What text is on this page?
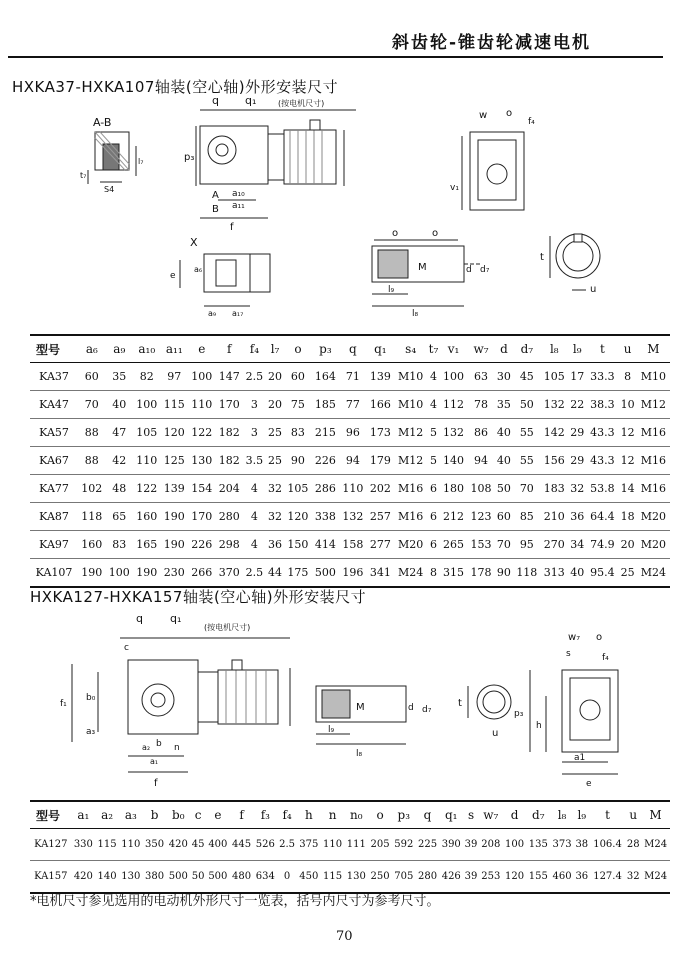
斜齿轮-锥齿轮减速电机
HXKA37-HXKA107轴装(空心轴)外形安装尺寸
A-B
t₇
l₇
S4
q q₁	(按电机尺寸)
p₃
A
B
a₁₀
a₁₁
f
w o
f₄
v₁
X
e
a₆
a₉ a₁₇
o	o
M	d d₇
l₉
l₈
t
u
型号	a₆	a₉	a₁₀	a₁₁	e	f	f₄	l₇	o	p₃	q	q₁	s₄	t₇	v₁	w₇	d	d₇	l₈	l₉	t	u	M
KA37	60	35	82	97	100	147	2.5	20	60	164	71	139	M10	4	100	63	30	45	105	17	33.3	8	M10
KA47	70	40	100	115	110	170	3	20	75	185	77	166	M10	4	112	78	35	50	132	22	38.3	10	M12
KA57	88	47	105	120	122	182	3	25	83	215	96	173	M12	5	132	86	40	55	142	29	43.3	12	M16
KA67	88	42	110	125	130	182	3.5	25	90	226	94	179	M12	5	140	94	40	55	156	29	43.3	12	M16
KA77	102	48	122	139	154	204	4	32	105	286	110	202	M16	6	180	108	50	70	183	32	53.8	14	M16
KA87	118	65	160	190	170	280	4	32	120	338	132	257	M16	6	212	123	60	85	210	36	64.4	18	M20
KA97	160	83	165	190	226	298	4	36	150	414	158	277	M20	6	265	153	70	95	270	34	74.9	20	M20
KA107	190	100	190	230	266	370	2.5	44	175	500	196	341	M24	8	315	178	90	118	313	40	95.4	25	M24
HXKA127-HXKA157轴装(空心轴)外形安装尺寸
q q₁
(按电机尺寸)
c
f₁
b₀
a₃
a₂ b n
a₁
f
M	d d₇
l₉
l₈
t
u
w₇ o
s	f₄
p₃
h
a1
e
型号	a₁	a₂	a₃	b	b₀	c	e	f	f₃	f₄	h	n	n₀	o	p₃	q	q₁	s	w₇	d	d₇	l₈	l₉	t	u	M
KA127	330	115	110	350	420	45	400	445	526	2.5	375	110	111	205	592	225	390	39	208	100	135	373	38	106.4	28	M24
KA157	420	140	130	380	500	50	500	480	634	0	450	115	130	250	705	280	426	39	253	120	155	460	36	127.4	32	M24
*电机尺寸参见选用的电动机外形尺寸一览表，括号内尺寸为参考尺寸。
70
